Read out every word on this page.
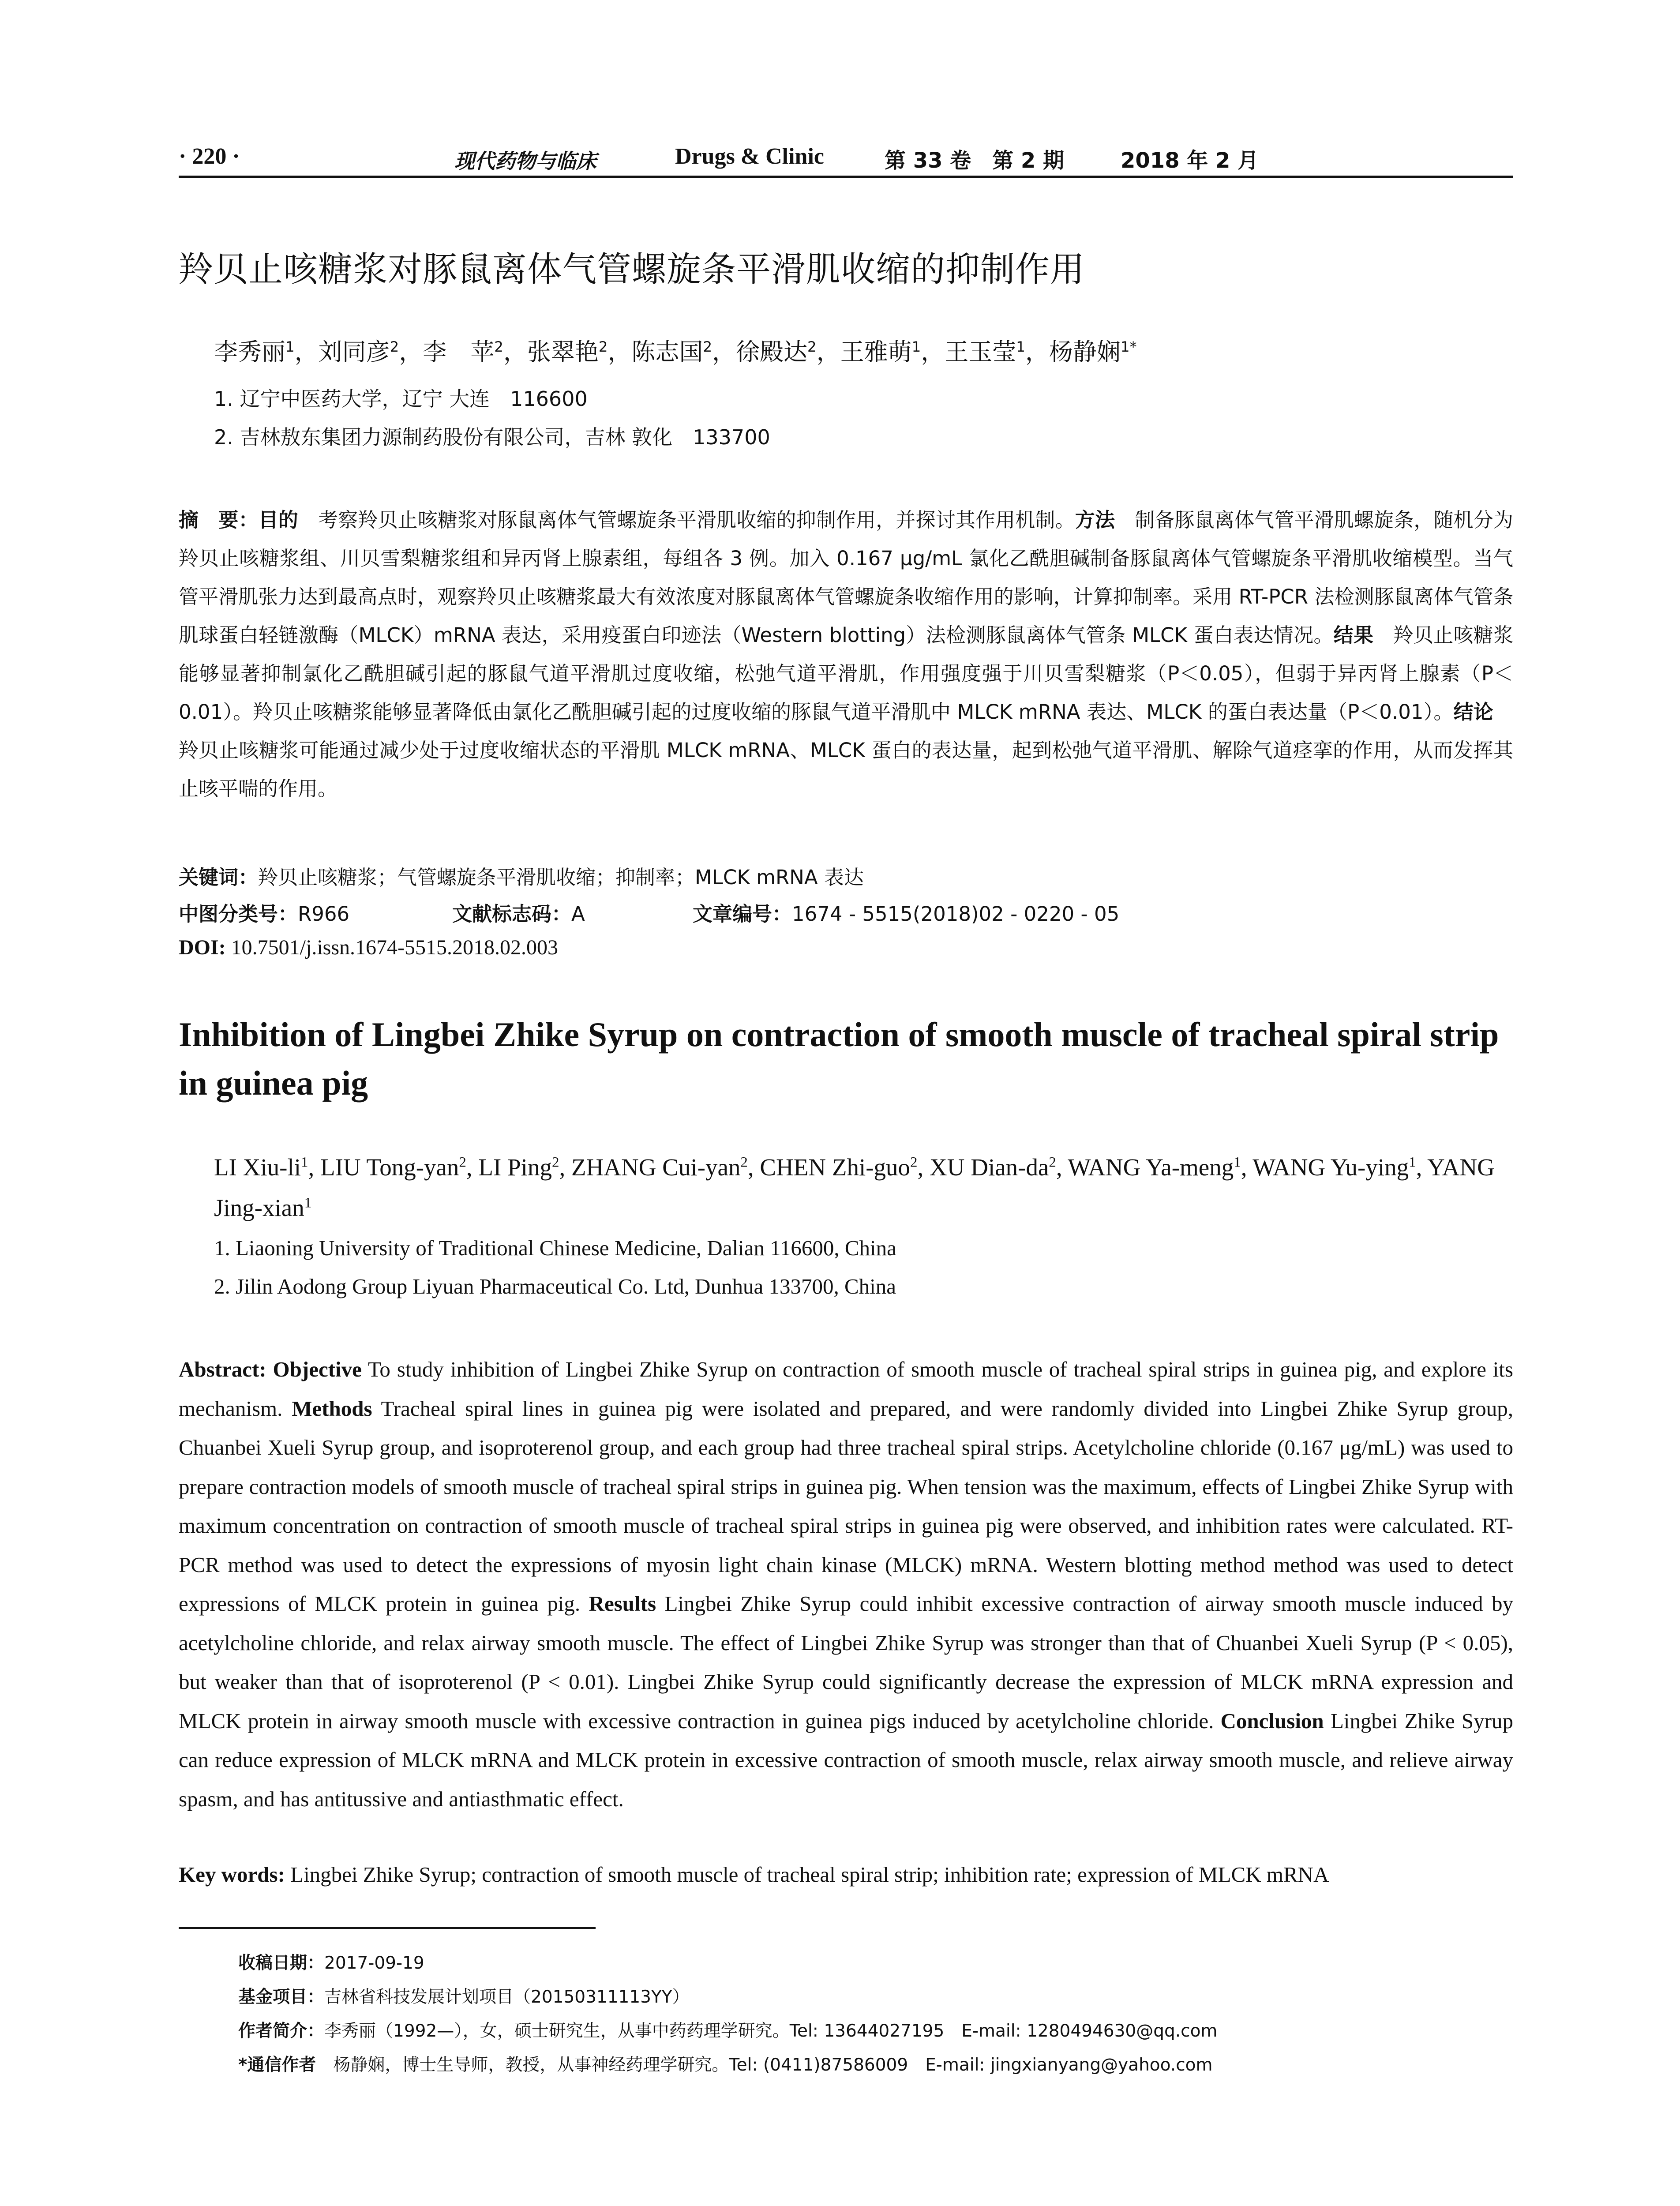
· 220 ·	现代药物与临床	Drugs & Clinic	第 33 卷　第 2 期	2018 年 2 月
羚贝止咳糖浆对豚鼠离体气管螺旋条平滑肌收缩的抑制作用
李秀丽$^1$，刘同彦$^2$，李　苹$^2$，张翠艳$^2$，陈志国$^2$，徐殿达$^2$，王雅萌$^1$，王玉莹$^1$，杨静娴$^{1*}$
1. 辽宁中医药大学，辽宁 大连　116600
2. 吉林敖东集团力源制药股份有限公司，吉林 敦化　133700

摘　要：目的　考察羚贝止咳糖浆对豚鼠离体气管螺旋条平滑肌收缩的抑制作用，并探讨其作用机制。方法　制备豚鼠离体气管平滑肌螺旋条，随机分为羚贝止咳糖浆组、川贝雪梨糖浆组和异丙肾上腺素组，每组各 3 例。加入 0.167 μg/mL 氯化乙酰胆碱制备豚鼠离体气管螺旋条平滑肌收缩模型。当气管平滑肌张力达到最高点时，观察羚贝止咳糖浆最大有效浓度对豚鼠离体气管螺旋条收缩作用的影响，计算抑制率。采用 RT-PCR 法检测豚鼠离体气管条肌球蛋白轻链激酶（MLCK）mRNA 表达，采用疫蛋白印迹法（Western blotting）法检测豚鼠离体气管条 MLCK 蛋白表达情况。结果　羚贝止咳糖浆能够显著抑制氯化乙酰胆碱引起的豚鼠气道平滑肌过度收缩，松弛气道平滑肌，作用强度强于川贝雪梨糖浆（P＜0.05），但弱于异丙肾上腺素（P＜0.01）。羚贝止咳糖浆能够显著降低由氯化乙酰胆碱引起的过度收缩的豚鼠气道平滑肌中 MLCK mRNA 表达、MLCK 的蛋白表达量（P＜0.01）。结论　羚贝止咳糖浆可能通过减少处于过度收缩状态的平滑肌 MLCK mRNA、MLCK 蛋白的表达量，起到松弛气道平滑肌、解除气道痉挛的作用，从而发挥其止咳平喘的作用。

关键词：羚贝止咳糖浆；气管螺旋条平滑肌收缩；抑制率；MLCK mRNA 表达
中图分类号：R966	文献标志码：A	文章编号：1674 - 5515(2018)02 - 0220 - 05
DOI: 10.7501/j.issn.1674-5515.2018.02.003
Inhibition of Lingbei Zhike Syrup on contraction of smooth muscle of tracheal spiral strip in guinea pig
LI Xiu-$li^1$, LIU Tong-yan$^2$, LI Ping$^2$, ZHANG Cui-yan$^2$, CHEN Zhi-guo$^2$, XU Dian-$da^2$, WANG Ya-meng$^1$, WANG Yu-ying$^1$, YANG Jing-xian$^1$
1. Liaoning University of Traditional Chinese Medicine, Dalian 116600, China
2. Jilin Aodong Group Liyuan Pharmaceutical Co. Ltd, Dunhua 133700, China

Abstract: Objective To study inhibition of Lingbei Zhike Syrup on contraction of smooth muscle of tracheal spiral strips in guinea pig, and explore its mechanism. Methods Tracheal spiral lines in guinea pig were isolated and prepared, and were randomly divided into Lingbei Zhike Syrup group, Chuanbei Xueli Syrup group, and isoproterenol group, and each group had three tracheal spiral strips. Acetylcholine chloride (0.167 μg/mL) was used to prepare contraction models of smooth muscle of tracheal spiral strips in guinea pig. When tension was the maximum, effects of Lingbei Zhike Syrup with maximum concentration on contraction of smooth muscle of tracheal spiral strips in guinea pig were observed, and inhibition rates were calculated. RT-PCR method was used to detect the expressions of myosin light chain kinase (MLCK) mRNA. Western blotting method method was used to detect expressions of MLCK protein in guinea pig. Results Lingbei Zhike Syrup could inhibit excessive contraction of airway smooth muscle induced by acetylcholine chloride, and relax airway smooth muscle. The effect of Lingbei Zhike Syrup was stronger than that of Chuanbei Xueli Syrup (P < 0.05), but weaker than that of isoproterenol (P < 0.01). Lingbei Zhike Syrup could significantly decrease the expression of MLCK mRNA expression and MLCK protein in airway smooth muscle with excessive contraction in guinea pigs induced by acetylcholine chloride. Conclusion Lingbei Zhike Syrup can reduce expression of MLCK mRNA and MLCK protein in excessive contraction of smooth muscle, relax airway smooth muscle, and relieve airway spasm, and has antitussive and antiasthmatic effect.

Key words: Lingbei Zhike Syrup; contraction of smooth muscle of tracheal spiral strip; inhibition rate; expression of MLCK mRNA
收稿日期：2017-09-19
基金项目：吉林省科技发展计划项目（20150311113YY）
作者简介：李秀丽（1992—），女，硕士研究生，从事中药药理学研究。Tel: 13644027195　E-mail: 1280494630@qq.com
*通信作者　杨静娴，博士生导师，教授，从事神经药理学研究。Tel: (0411)87586009　E-mail: jingxianyang@yahoo.com
